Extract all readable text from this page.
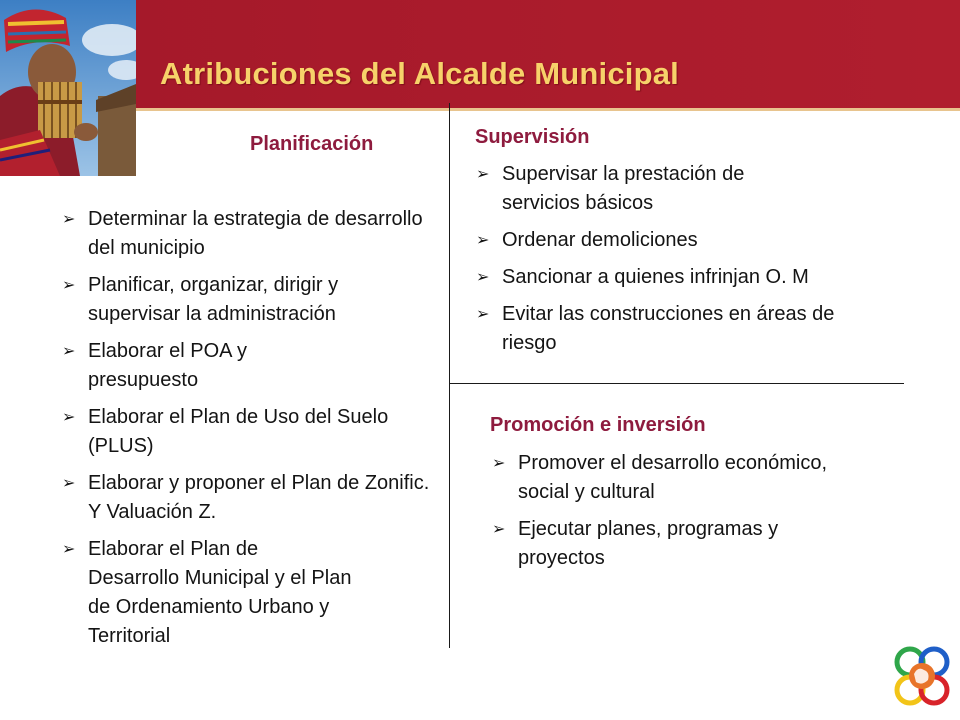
Atribuciones del Alcalde Municipal
Planificación
➢ Determinar la estrategia de desarrollo del municipio
➢ Planificar, organizar, dirigir y supervisar la administración
➢ Elaborar el POA y presupuesto
➢ Elaborar el Plan de Uso del Suelo (PLUS)
➢ Elaborar y proponer el Plan de Zonific. Y Valuación Z.
➢ Elaborar el Plan de Desarrollo Municipal y el Plan de Ordenamiento Urbano y Territorial
Supervisión
➢ Supervisar la prestación de servicios básicos
➢ Ordenar demoliciones
➢ Sancionar a quienes infrinjan O. M
➢ Evitar las construcciones en áreas de riesgo
Promoción e inversión
➢ Promover el desarrollo económico, social y cultural
➢ Ejecutar planes, programas y proyectos
